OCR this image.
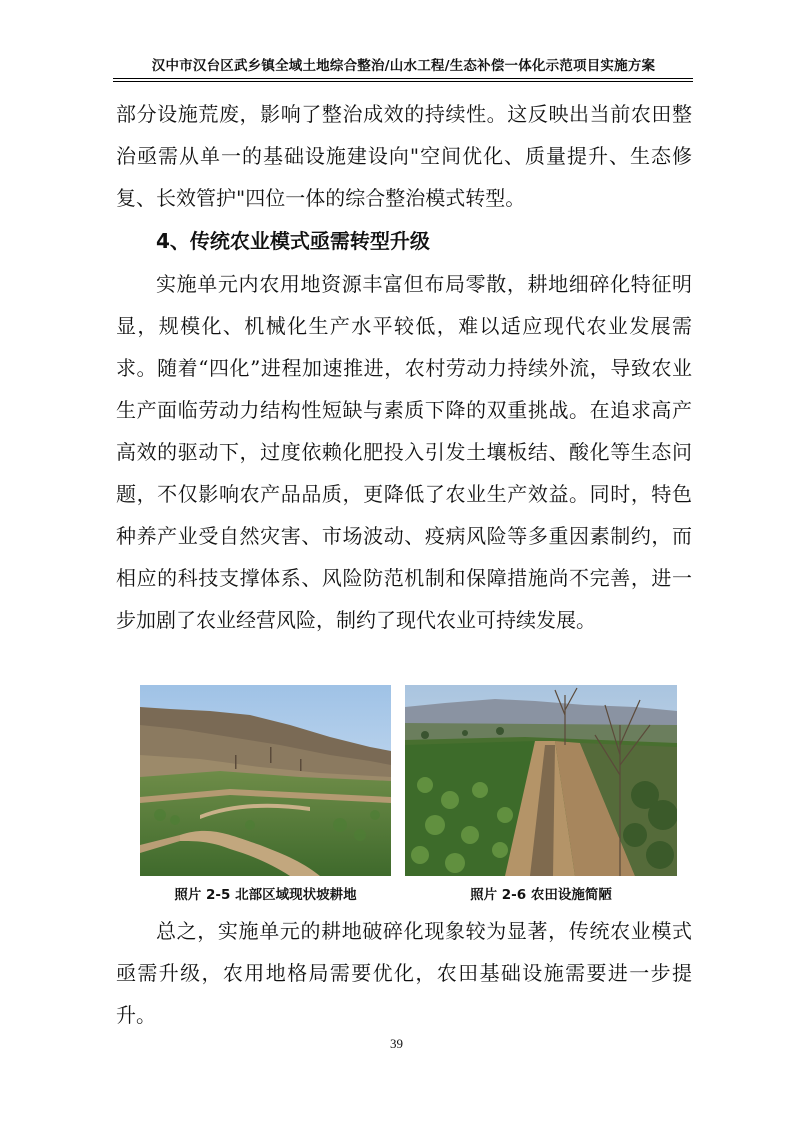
汉中市汉台区武乡镇全域土地综合整治/山水工程/生态补偿一体化示范项目实施方案

部分设施荒废，影响了整治成效的持续性。这反映出当前农田整治亟需从单一的基础设施建设向"空间优化、质量提升、生态修复、长效管护"四位一体的综合整治模式转型。

4、传统农业模式亟需转型升级

实施单元内农用地资源丰富但布局零散，耕地细碎化特征明显，规模化、机械化生产水平较低，难以适应现代农业发展需求。随着“四化”进程加速推进，农村劳动力持续外流，导致农业生产面临劳动力结构性短缺与素质下降的双重挑战。在追求高产高效的驱动下，过度依赖化肥投入引发土壤板结、酸化等生态问题，不仅影响农产品品质，更降低了农业生产效益。同时，特色种养产业受自然灾害、市场波动、疫病风险等多重因素制约，而相应的科技支撑体系、风险防范机制和保障措施尚不完善，进一步加剧了农业经营风险，制约了现代农业可持续发展。

照片 2-5 北部区域现状坡耕地	照片 2-6 农田设施简陋

总之，实施单元的耕地破碎化现象较为显著，传统农业模式亟需升级，农用地格局需要优化，农田基础设施需要进一步提升。

39
